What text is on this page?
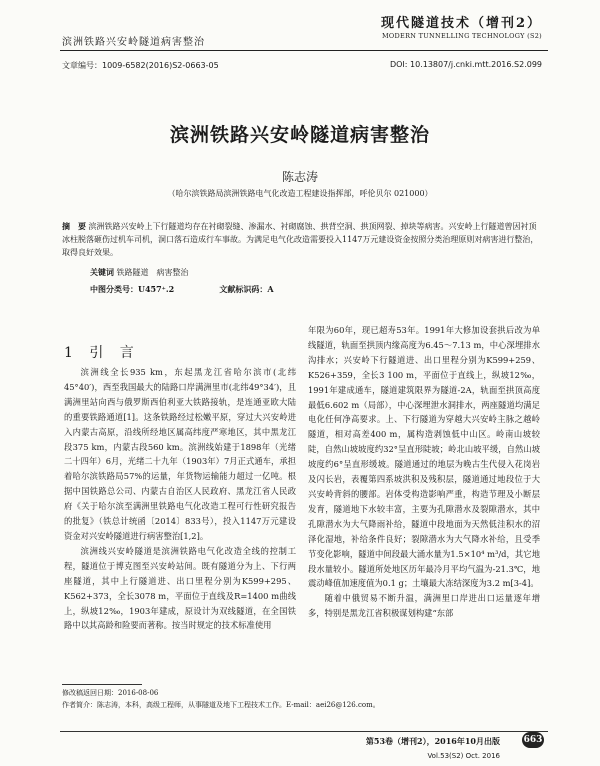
滨洲铁路兴安岭隧道病害整治
现代隧道技术（增刊2）
MODERN TUNNELLING TECHNOLOGY (S2)
文章编号：1009-6582(2016)S2-0663-05	DOI: 10.13807/j.cnki.mtt.2016.S2.099
滨洲铁路兴安岭隧道病害整治
陈志涛
（哈尔滨铁路局滨洲铁路电气化改造工程建设指挥部，呼伦贝尔 021000）
摘　要 滨洲铁路兴安岭上下行隧道均存在衬砌裂缝、渗漏水、衬砌腐蚀、拱背空洞、拱顶网裂、掉块等病害。兴安岭上行隧道曾因衬顶冰柱脱落砸伤过机车司机，洞口落石造成行车事故。为满足电气化改造需要投入1147万元建设资金按照分类治理原则对病害进行整治，取得良好效果。
关键词 铁路隧道　病害整治
中图分类号：U457⁺.2	文献标识码：A
1 引 言

滨洲线全长935 km，东起黑龙江省哈尔滨市(北纬45°40′)，西至我国最大的陆路口岸满洲里市(北纬49°34′)，且满洲里站向西与俄罗斯西伯利亚大铁路接轨，是连通亚欧大陆的重要铁路通道[1]。这条铁路经过松嫩平原，穿过大兴安岭进入内蒙古高原，沿线所经地区属高纬度严寒地区，其中黑龙江段375 km，内蒙古段560 km。滨洲线始建于1898年（光绪二十四年）6月，光绪二十九年（1903年）7月正式通车，承担着哈尔滨铁路局57%的运量，年货物运输能力超过一亿吨。根据中国铁路总公司、内蒙古自治区人民政府、黑龙江省人民政府《关于哈尔滨至满洲里铁路电气化改造工程可行性研究报告的批复》（铁总计统函〔2014〕833号），投入1147万元建设资金对兴安岭隧道进行病害整治[1,2]。

滨洲线兴安岭隧道是滨洲铁路电气化改造全线的控制工程，隧道位于博克图至兴安岭站间。既有隧道分为上、下行两座隧道，其中上行隧道进、出口里程分别为K599+295、K562+373，全长3078 m，平面位于直线及R=1400 m曲线上，纵坡12‰，1903年建成，原设计为双线隧道，在全国铁路中以其高龄和险要而著称。按当时规定的技术标准使用

年限为60年，现已超寿53年。1991年大修加设套拱后改为单线隧道，轨面至拱顶内缘高度为6.45～7.13 m，中心深埋排水沟排水；兴安岭下行隧道进、出口里程分别为K599+259、K526+359，全长3 100 m，平面位于直线上，纵坡12‰，1991年建成通车，隧道建筑限界为隧道-2A，轨面至拱顶高度最低6.602 m（局部），中心深埋泄水洞排水，两座隧道均满足电化任何净高要求。上、下行隧道为穿越大兴安岭主脉之越岭隧道，相对高差400 m，属构造剥蚀低中山区。岭南山坡较陡，自然山坡坡度约32°呈直形陡坡；岭北山坡平缓，自然山坡坡度约6°呈直形缓坡。隧道通过的地层为晚古生代侵入花岗岩及闪长岩，表覆第四系坡洪积及残积层，隧道通过地段位于大兴安岭背斜的腰部。岩体受构造影响严重，构造节理及小断层发育，隧道地下水较丰富，主要为孔隙潜水及裂隙潜水，其中孔隙潜水为大气降雨补给，隧道中段地面为天然低洼积水的沼泽化湿地，补给条件良好；裂隙潜水为大气降水补给，且受季节变化影响，隧道中间段最大涌水量为1.5×10⁴ m³/d，其它地段水量较小。隧道所处地区历年最冷月平均气温为-21.3℃，地震动峰值加速度值为0.1 g；土壤最大冻结深度为3.2 m[3-4]。

随着中俄贸易不断升温，满洲里口岸进出口运量逐年增多，特别是黑龙江省积极谋划构建“东部

修改稿返回日期：2016-08-06
作者简介：陈志涛，本科，高级工程师，从事隧道及地下工程技术工作。E-mail：aei26@126.com。
第53卷（增刊2），2016年10月出版	663
Vol.53(S2) Oct. 2016
